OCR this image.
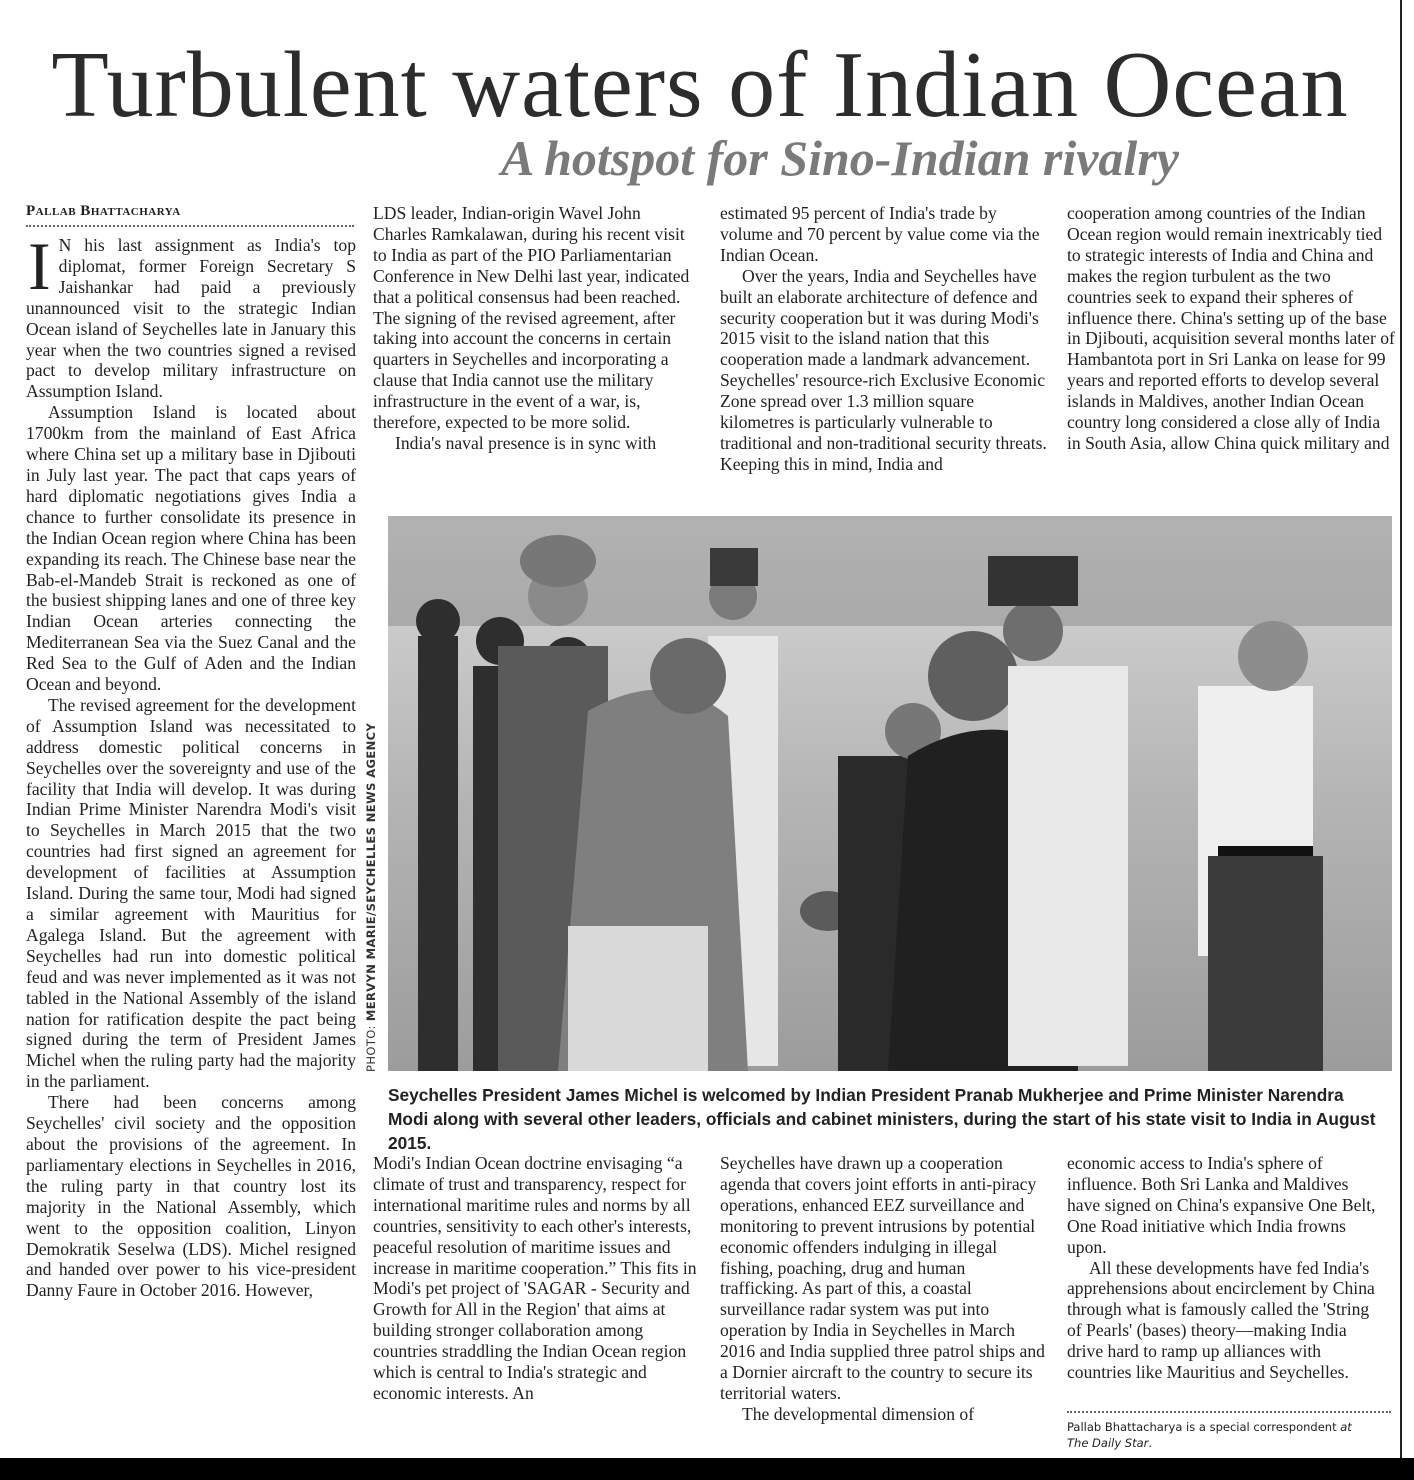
Turbulent waters of Indian Ocean
A hotspot for Sino-Indian rivalry
Pallab Bhattacharya

I N his last assignment as India's top diplomat, former Foreign Secretary S Jaishankar had paid a previously unannounced visit to the strategic Indian Ocean island of Seychelles late in January this year when the two countries signed a revised pact to develop military infrastructure on Assumption Island.

Assumption Island is located about 1700km from the mainland of East Africa where China set up a military base in Djibouti in July last year. The pact that caps years of hard diplomatic negotiations gives India a chance to further consolidate its presence in the Indian Ocean region where China has been expanding its reach. The Chinese base near the Bab-el-Mandeb Strait is reckoned as one of the busiest shipping lanes and one of three key Indian Ocean arteries connecting the Mediterranean Sea via the Suez Canal and the Red Sea to the Gulf of Aden and the Indian Ocean and beyond.

The revised agreement for the development of Assumption Island was necessitated to address domestic political concerns in Seychelles over the sovereignty and use of the facility that India will develop. It was during Indian Prime Minister Narendra Modi's visit to Seychelles in March 2015 that the two countries had first signed an agreement for development of facilities at Assumption Island. During the same tour, Modi had signed a similar agreement with Mauritius for Agalega Island. But the agreement with Seychelles had run into domestic political feud and was never implemented as it was not tabled in the National Assembly of the island nation for ratification despite the pact being signed during the term of President James Michel when the ruling party had the majority in the parliament.

There had been concerns among Seychelles' civil society and the opposition about the provisions of the agreement. In parliamentary elections in Seychelles in 2016, the ruling party in that country lost its majority in the National Assembly, which went to the opposition coalition, Linyon Demokratik Seselwa (LDS). Michel resigned and handed over power to his vice-president Danny Faure in October 2016. However,

LDS leader, Indian-origin Wavel John Charles Ramkalawan, during his recent visit to India as part of the PIO Parliamentarian Conference in New Delhi last year, indicated that a political consensus had been reached. The signing of the revised agreement, after taking into account the concerns in certain quarters in Seychelles and incorporating a clause that India cannot use the military infrastructure in the event of a war, is, therefore, expected to be more solid.

India's naval presence is in sync with

estimated 95 percent of India's trade by volume and 70 percent by value come via the Indian Ocean.

Over the years, India and Seychelles have built an elaborate architecture of defence and security cooperation but it was during Modi's 2015 visit to the island nation that this cooperation made a landmark advancement. Seychelles' resource-rich Exclusive Economic Zone spread over 1.3 million square kilometres is particularly vulnerable to traditional and non-traditional security threats. Keeping this in mind, India and

cooperation among countries of the Indian Ocean region would remain inextricably tied to strategic interests of India and China and makes the region turbulent as the two countries seek to expand their spheres of influence there. China's setting up of the base in Djibouti, acquisition several months later of Hambantota port in Sri Lanka on lease for 99 years and reported efforts to develop several islands in Maldives, another Indian Ocean country long considered a close ally of India in South Asia, allow China quick military and

PHOTO: MERVYN MARIE/SEYCHELLES NEWS AGENCY
Seychelles President James Michel is welcomed by Indian President Pranab Mukherjee and Prime Minister Narendra Modi along with several other leaders, officials and cabinet ministers, during the start of his state visit to India in August 2015.

Modi's Indian Ocean doctrine envisaging “a climate of trust and transparency, respect for international maritime rules and norms by all countries, sensitivity to each other's interests, peaceful resolution of maritime issues and increase in maritime cooperation.” This fits in Modi's pet project of 'SAGAR - Security and Growth for All in the Region' that aims at building stronger collaboration among countries straddling the Indian Ocean region which is central to India's strategic and economic interests. An

Seychelles have drawn up a cooperation agenda that covers joint efforts in anti-piracy operations, enhanced EEZ surveillance and monitoring to prevent intrusions by potential economic offenders indulging in illegal fishing, poaching, drug and human trafficking. As part of this, a coastal surveillance radar system was put into operation by India in Seychelles in March 2016 and India supplied three patrol ships and a Dornier aircraft to the country to secure its territorial waters.

The developmental dimension of

economic access to India's sphere of influence. Both Sri Lanka and Maldives have signed on China's expansive One Belt, One Road initiative which India frowns upon.

All these developments have fed India's apprehensions about encirclement by China through what is famously called the 'String of Pearls' (bases) theory—making India drive hard to ramp up alliances with countries like Mauritius and Seychelles.

Pallab Bhattacharya is a special correspondent at
The Daily Star.
